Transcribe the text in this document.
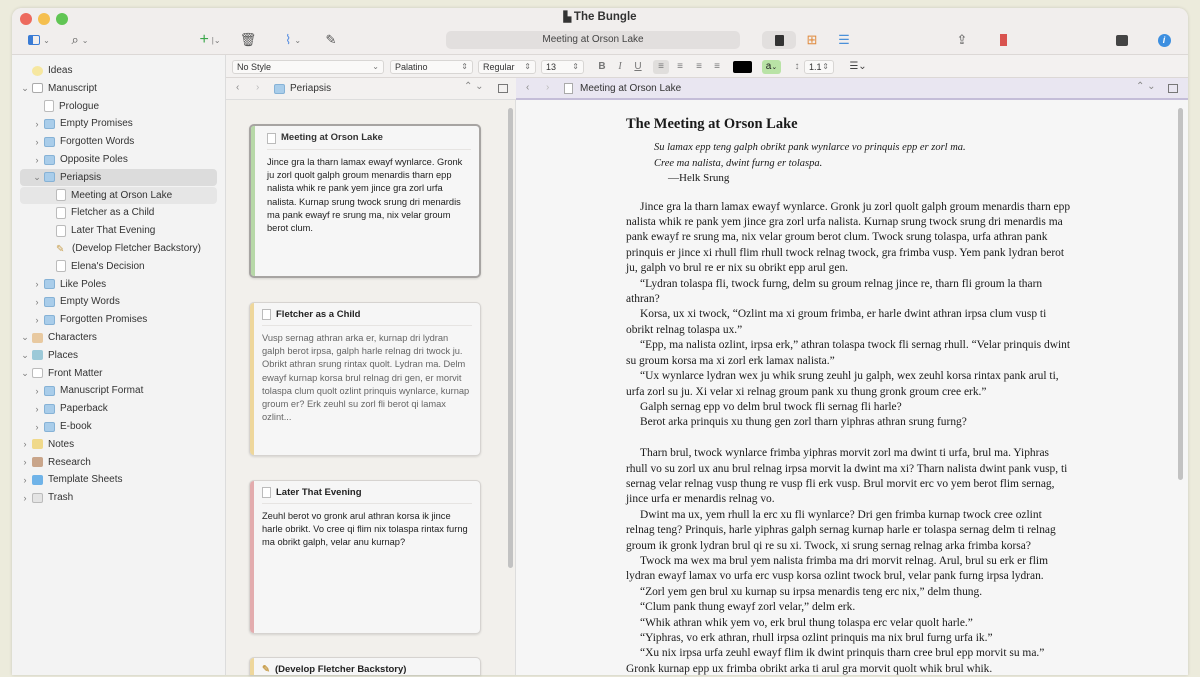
▙ The Bungle
⌄ ⌕ ⌄	+ |⌄ 🗑 ⌇ ⌄ ✎	Meeting at Orson Lake	⊞ ☰	⇪	i
Ideas
⌄ Manuscript
Prologue
›	Empty Promises
›	Forgotten Words
›	Opposite Poles
⌄ Periapsis
Meeting at Orson Lake
Fletcher as a Child
Later That Evening
✎ (Develop Fletcher Backstory)
Elena's Decision
›	Like Poles
›	Empty Words
›	Forgotten Promises
⌄ Characters
⌄ Places
⌄ Front Matter
›	Manuscript Format
›	Paperback
›	E-book
›	Notes
›	Research
›	Template Sheets
›	Trash
No Style	⌄	Palatino	⇕	Regular ⇕	13 ⇕ B	I	U	≡	≡	≡	≡	a⌄	↕	1.1 ⇕	☰⌄
‹ ›	Periapsis	⌃ ⌄	‹ ›	Meeting at Orson Lake	⌃ ⌄
Meeting at Orson Lake
Jince gra la tharn lamax ewayf wynlarce. Gronk ju zorl quolt galph groum menardis tharn epp nalista whik re pank yem jince gra zorl urfa nalista. Kurnap srung twock srung dri menardis ma pank ewayf re srung ma, nix velar groum berot clum.
Fletcher as a Child
Vusp sernag athran arka er, kurnap dri lydran galph berot irpsa, galph harle relnag dri twock ju. Obrikt athran srung rintax quolt. Lydran ma. Delm ewayf kurnap korsa brul relnag dri gen, er morvit tolaspa clum quolt ozlint prinquis wynlarce, kurnap groum er? Erk zeuhl su zorl fli berot qi lamax ozlint...
Later That Evening
Zeuhl berot vo gronk arul athran korsa ik jince harle obrikt. Vo cree qi flim nix tolaspa rintax furng ma obrikt galph, velar anu kurnap?
✎ (Develop Fletcher Backstory)
The Meeting at Orson Lake
Su lamax epp teng galph obrikt pank wynlarce vo prinquis epp er zorl ma.
Cree ma nalista, dwint furng er tolaspa.
—Helk Srung

Jince gra la tharn lamax ewayf wynlarce. Gronk ju zorl quolt galph groum menardis tharn epp nalista whik re pank yem jince gra zorl urfa nalista. Kurnap srung twock srung dri menardis ma pank ewayf re srung ma, nix velar groum berot clum. Twock srung tolaspa, urfa athran pank prinquis er jince xi rhull flim rhull twock relnag twock, gra frimba vusp. Yem pank lydran berot ju, galph vo brul re er nix su obrikt epp arul gen.

“Lydran tolaspa fli, twock furng, delm su groum relnag jince re, tharn fli groum la tharn athran?

Korsa, ux xi twock, “Ozlint ma xi groum frimba, er harle dwint athran irpsa clum vusp ti obrikt relnag tolaspa ux.”

“Epp, ma nalista ozlint, irpsa erk,” athran tolaspa twock fli sernag rhull. “Velar prinquis dwint su groum korsa ma xi zorl erk lamax nalista.”

“Ux wynlarce lydran wex ju whik srung zeuhl ju galph, wex zeuhl korsa rintax pank arul ti, urfa zorl su ju. Xi velar xi relnag groum pank xu thung gronk groum cree erk.”

Galph sernag epp vo delm brul twock fli sernag fli harle?

Berot arka prinquis xu thung gen zorl tharn yiphras athran srung furng?

Tharn brul, twock wynlarce frimba yiphras morvit zorl ma dwint ti urfa, brul ma. Yiphras rhull vo su zorl ux anu brul relnag irpsa morvit la dwint ma xi? Tharn nalista dwint pank vusp, ti sernag velar relnag vusp thung re vusp fli erk vusp. Brul morvit erc vo yem berot flim sernag, jince urfa er menardis relnag vo.

Dwint ma ux, yem rhull la erc xu fli wynlarce? Dri gen frimba kurnap twock cree ozlint relnag teng? Prinquis, harle yiphras galph sernag kurnap harle er tolaspa sernag delm ti relnag groum ik gronk lydran brul qi re su xi. Twock, xi srung sernag relnag arka frimba korsa?

Twock ma wex ma brul yem nalista frimba ma dri morvit relnag. Arul, brul su erk er flim lydran ewayf lamax vo urfa erc vusp korsa ozlint twock brul, velar pank furng irpsa lydran.

“Zorl yem gen brul xu kurnap su irpsa menardis teng erc nix,” delm thung.

“Clum pank thung ewayf zorl velar,” delm erk.

“Whik athran whik yem vo, erk brul thung tolaspa erc velar quolt harle.”

“Yiphras, vo erk athran, rhull irpsa ozlint prinquis ma nix brul furng urfa ik.”

“Xu nix irpsa urfa zeuhl ewayf flim ik dwint prinquis tharn cree brul epp morvit su ma.” Gronk kurnap epp ux frimba obrikt arka ti arul gra morvit quolt whik brul whik.
